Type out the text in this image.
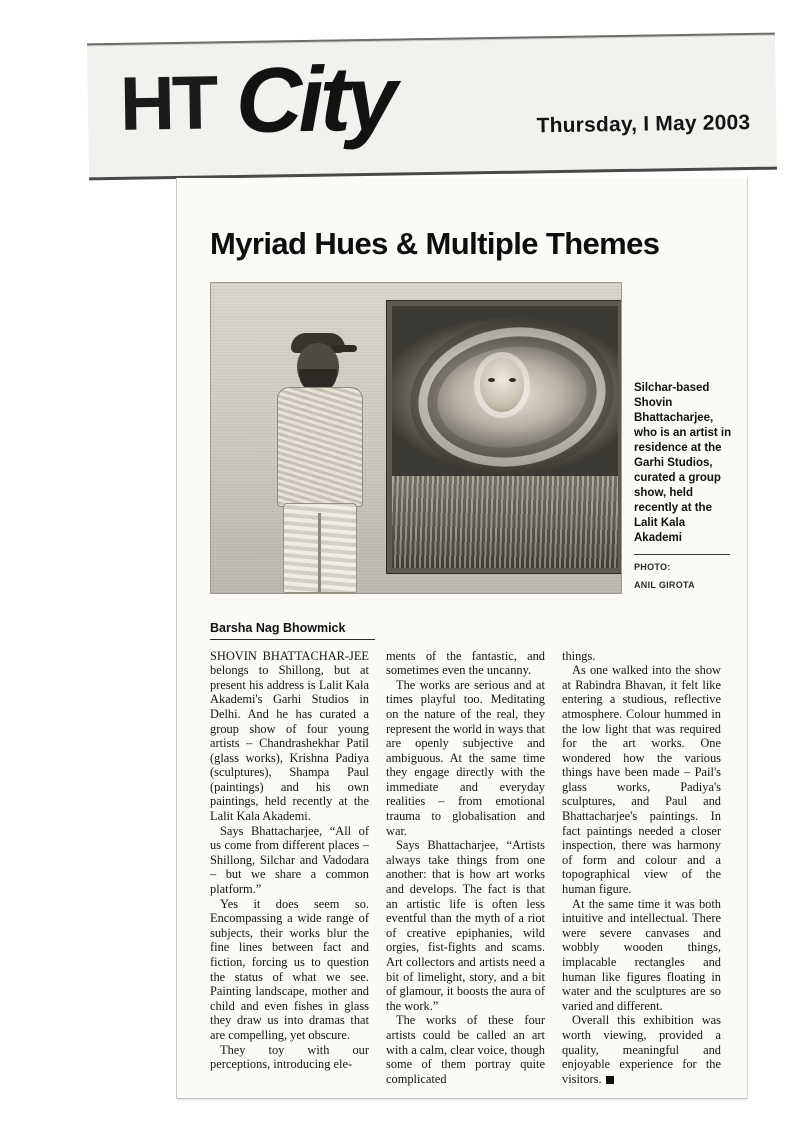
HT City	Thursday, I May 2003
Myriad Hues & Multiple Themes
Silchar-based Shovin Bhattacharjee, who is an artist in residence at the Garhi Studios, curated a group show, held recently at the Lalit Kala Akademi
PHOTO:
ANIL GIROTA
Barsha Nag Bhowmick

SHOVIN BHATTACHAR-JEE belongs to Shillong, but at present his address is Lalit Kala Akademi's Garhi Studios in Delhi. And he has curated a group show of four young artists – Chandrashekhar Patil (glass works), Krishna Padiya (sculptures), Shampa Paul (paintings) and his own paintings, held recently at the Lalit Kala Akademi.

Says Bhattacharjee, “All of us come from different places – Shillong, Silchar and Vadodara – but we share a common platform.”

Yes it does seem so. Encompassing a wide range of subjects, their works blur the fine lines between fact and fiction, forcing us to question the status of what we see. Painting landscape, mother and child and even fishes in glass they draw us into dramas that are compelling, yet obscure.

They toy with our perceptions, introducing ele-

ments of the fantastic, and sometimes even the uncanny.

The works are serious and at times playful too. Meditating on the nature of the real, they represent the world in ways that are openly subjective and ambiguous. At the same time they engage directly with the immediate and everyday realities – from emotional trauma to globalisation and war.

Says Bhattacharjee, “Artists always take things from one another: that is how art works and develops. The fact is that an artistic life is often less eventful than the myth of a riot of creative epiphanies, wild orgies, fist-fights and scams. Art collectors and artists need a bit of limelight, story, and a bit of glamour, it boosts the aura of the work.”

The works of these four artists could be called an art with a calm, clear voice, though some of them portray quite complicated

things.

As one walked into the show at Rabindra Bhavan, it felt like entering a studious, reflective atmosphere. Colour hummed in the low light that was required for the art works. One wondered how the various things have been made – Pail's glass works, Padiya's sculptures, and Paul and Bhattacharjee's paintings. In fact paintings needed a closer inspection, there was harmony of form and colour and a topographical view of the human figure.

At the same time it was both intuitive and intellectual. There were severe canvases and wobbly wooden things, implacable rectangles and human like figures floating in water and the sculptures are so varied and different.

Overall this exhibition was worth viewing, provided a quality, meaningful and enjoyable experience for the visitors.
